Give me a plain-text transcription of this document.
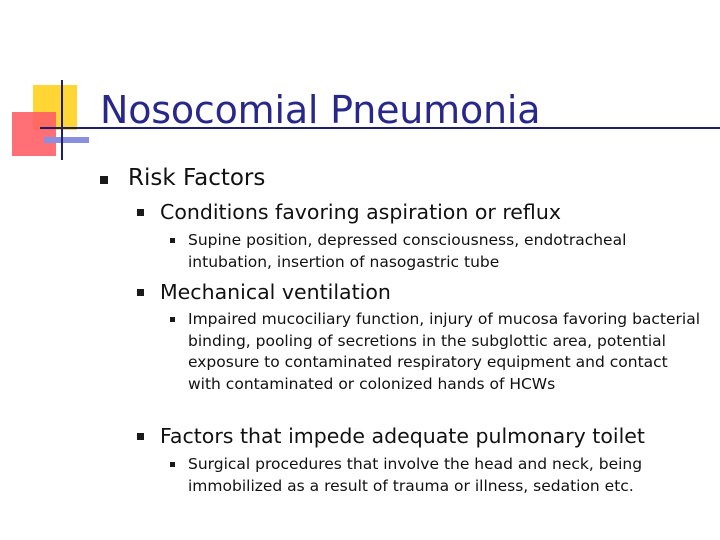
Nosocomial Pneumonia
Risk Factors
Conditions favoring aspiration or reflux
Supine position, depressed consciousness, endotracheal intubation, insertion of nasogastric tube
Mechanical ventilation
Impaired mucociliary function, injury of mucosa favoring bacterial binding, pooling of secretions in the subglottic area, potential exposure to contaminated respiratory equipment and contact with contaminated or colonized hands of HCWs
Factors that impede adequate pulmonary toilet
Surgical procedures that involve the head and neck, being immobilized as a result of trauma or illness, sedation etc.
